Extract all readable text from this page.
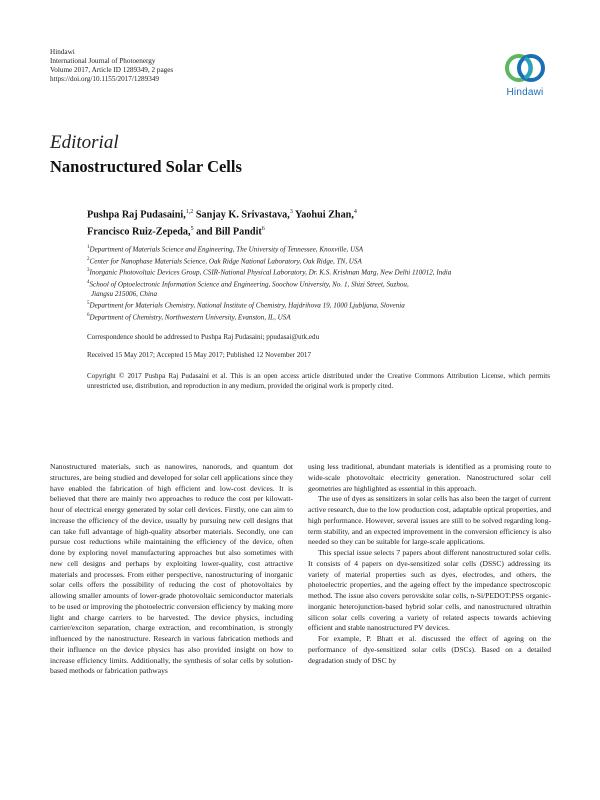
Hindawi
International Journal of Photoenergy
Volume 2017, Article ID 1289349, 2 pages
https://doi.org/10.1155/2017/1289349
Hindawi
Editorial
Nanostructured Solar Cells
Pushpa Raj Pudasaini,$^{1,2}$ Sanjay K. Srivastava,$^3$ Yaohui Zhan,$^4$
Francisco Ruiz-Zepeda,$^5$ and Bill Pandit$^6$
$^1$Department of Materials Science and Engineering, The University of Tennessee, Knoxville, USA
$^2$Center for Nanophase Materials Science, Oak Ridge National Laboratory, Oak Ridge, TN, USA
$^3$Inorganic Photovoltaic Devices Group, CSIR-National Physical Laboratory, Dr. K.S. Krishnan Marg, New Delhi 110012, India
$^4$School of Optoelectronic Information Science and Engineering, Soochow University, No. 1, Shizi Street, Suzhou,
Jiangsu 215006, China
$^5$Department for Materials Chemistry, National Institute of Chemistry, Hajdrihova 19, 1000 Ljubljana, Slovenia
$^6$Department of Chemistry, Northwestern University, Evanston, IL, USA
Correspondence should be addressed to Pushpa Raj Pudasaini; ppudasai@utk.edu
Received 15 May 2017; Accepted 15 May 2017; Published 12 November 2017
Copyright © 2017 Pushpa Raj Pudasaini et al. This is an open access article distributed under the Creative Commons Attribution License, which permits unrestricted use, distribution, and reproduction in any medium, provided the original work is properly cited.

Nanostructured materials, such as nanowires, nanorods, and quantum dot structures, are being studied and developed for solar cell applications since they have enabled the fabrication of high efficient and low-cost devices. It is believed that there are mainly two approaches to reduce the cost per kilowatt-hour of electrical energy generated by solar cell devices. Firstly, one can aim to increase the efficiency of the device, usually by pursuing new cell designs that can take full advantage of high-quality absorber materials. Secondly, one can pursue cost reductions while maintaining the efficiency of the device, often done by exploring novel manufacturing approaches but also sometimes with new cell designs and perhaps by exploiting lower-quality, cost attractive materials and processes. From either perspective, nanostructuring of inorganic solar cells offers the possibility of reducing the cost of photovoltaics by allowing smaller amounts of lower-grade photovoltaic semiconductor materials to be used or improving the photoelectric conversion efficiency by making more light and charge carriers to be harvested. The device physics, including carrier/exciton separation, charge extraction, and recombination, is strongly influenced by the nanostructure. Research in various fabrication methods and their influence on the device physics has also provided insight on how to increase efficiency limits. Additionally, the synthesis of solar cells by solution-based methods or fabrication pathways

using less traditional, abundant materials is identified as a promising route to wide-scale photovoltaic electricity generation. Nanostructured solar cell geometries are highlighted as essential in this approach.

The use of dyes as sensitizers in solar cells has also been the target of current active research, due to the low production cost, adaptable optical properties, and high performance. However, several issues are still to be solved regarding long-term stability, and an expected improvement in the conversion efficiency is also needed so they can be suitable for large-scale applications.

This special issue selects 7 papers about different nanostructured solar cells. It consists of 4 papers on dye-sensitized solar cells (DSSC) addressing its variety of material properties such as dyes, electrodes, and others, the photoelectric properties, and the ageing effect by the impedance spectroscopic method. The issue also covers perovskite solar cells, n-Si/PEDOT:PSS organic-inorganic heterojunction-based hybrid solar cells, and nanostructured ultrathin silicon solar cells covering a variety of related aspects towards achieving efficient and stable nanostructured PV devices.

For example, P. Bhatt et al. discussed the effect of ageing on the performance of dye-sensitized solar cells (DSCs). Based on a detailed degradation study of DSC by
